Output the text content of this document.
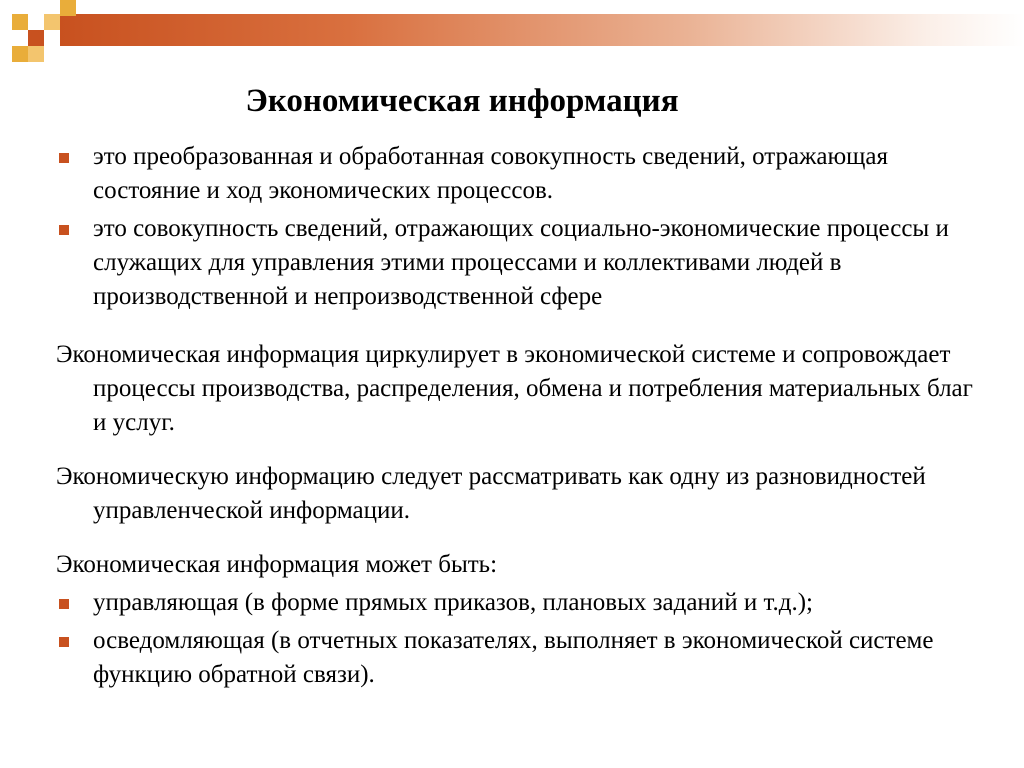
Экономическая информация
это преобразованная и обработанная совокупность сведений, отражающая состояние и ход экономических процессов.
это совокупность сведений, отражающих социально-экономические процессы и служащих для управления этими процессами и коллективами людей в производственной и непроизводственной сфере
Экономическая информация циркулирует в экономической системе и сопровождает процессы производства, распределения, обмена и потребления материальных благ и услуг.
Экономическую информацию следует рассматривать как одну из разновидностей управленческой информации.
Экономическая информация может быть:
управляющая (в форме прямых приказов, плановых заданий и т.д.);
осведомляющая (в отчетных показателях, выполняет в экономической системе функцию обратной связи).
